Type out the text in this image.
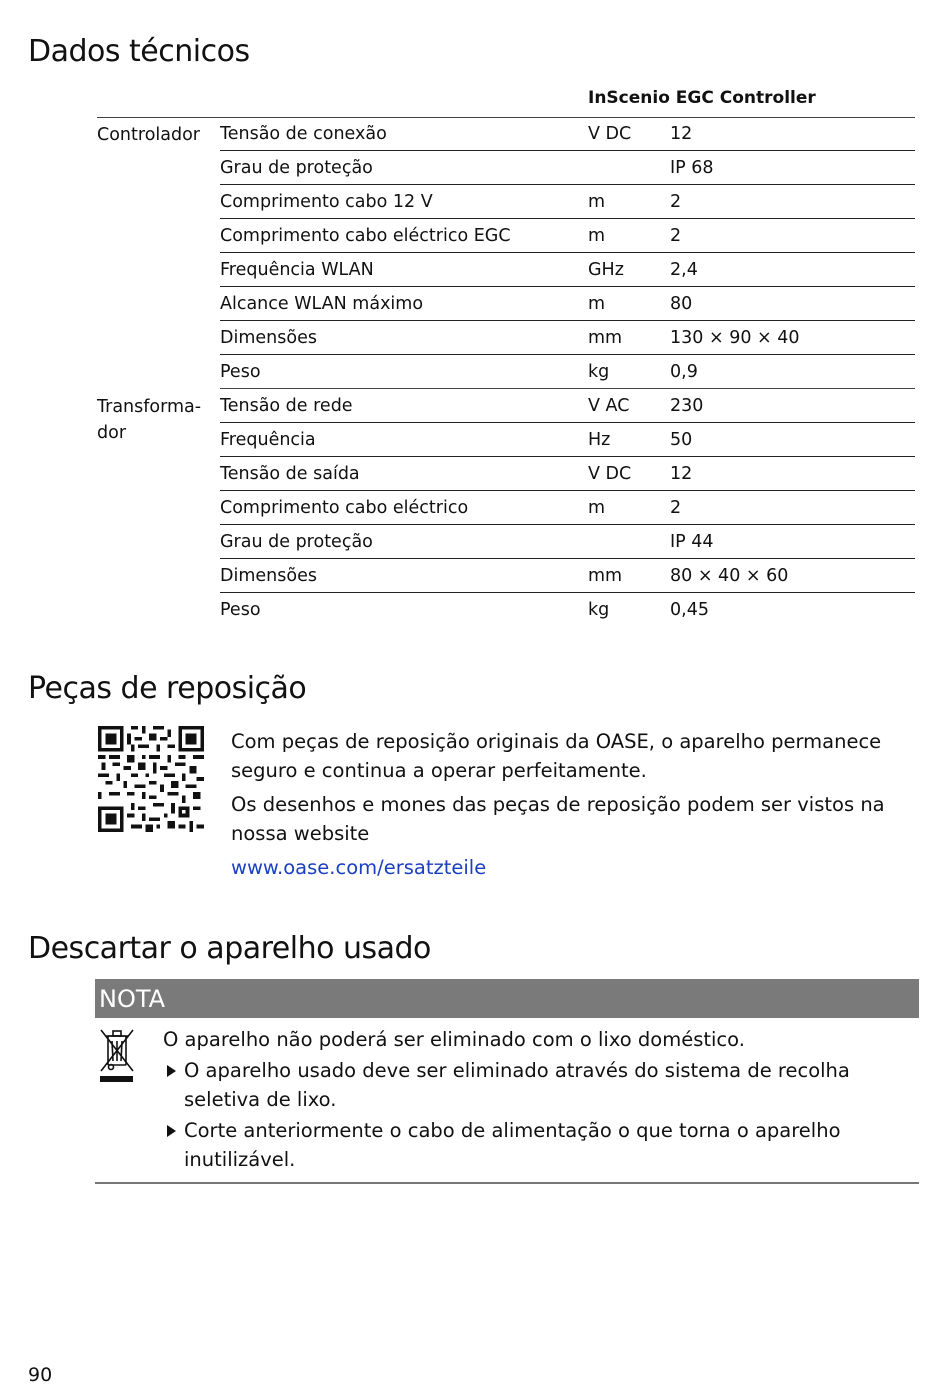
Dados técnicos
InScenio EGC Controller
Controlador	Tensão de conexão	V DC	12
	Grau de proteção		IP 68
	Comprimento cabo 12 V	m	2
	Comprimento cabo eléctrico EGC	m	2
	Frequência WLAN	GHz	2,4
	Alcance WLAN máximo	m	80
	Dimensões	mm	130 × 90 × 40
	Peso	kg	0,9
Transforma-
dor	Tensão de rede	V AC	230
	Frequência	Hz	50
	Tensão de saída	V DC	12
	Comprimento cabo eléctrico	m	2
	Grau de proteção		IP 44
	Dimensões	mm	80 × 40 × 60
	Peso	kg	0,45
Peças de reposição

Com peças de reposição originais da OASE, o aparelho permanece seguro e continua a operar perfeitamente.

Os desenhos e mones das peças de reposição podem ser vistos na nossa website

www.oase.com/ersatzteile
Descartar o aparelho usado
NOTA

O aparelho não poderá ser eliminado com o lixo doméstico.

O aparelho usado deve ser eliminado através do sistema de recolha seletiva de lixo.
Corte anteriormente o cabo de alimentação o que torna o aparelho inutilizável.
90
